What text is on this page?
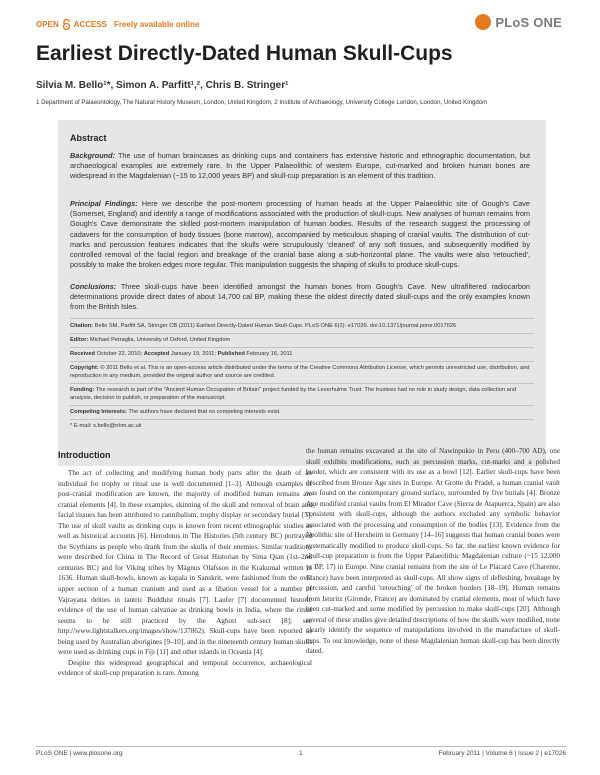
OPEN ACCESS Freely available online	PLoS ONE
Earliest Directly-Dated Human Skull-Cups
Silvia M. Bello¹*, Simon A. Parfitt¹,², Chris B. Stringer¹
1 Department of Palaeontology, The Natural History Museum, London, United Kingdom, 2 Institute of Archaeology, University College London, London, United Kingdom
Abstract

Background: The use of human braincases as drinking cups and containers has extensive historic and ethnographic documentation, but archaeological examples are extremely rare. In the Upper Palaeolithic of western Europe, cut-marked and broken human bones are widespread in the Magdalenian (~15 to 12,000 years BP) and skull-cup preparation is an element of this tradition.

Principal Findings: Here we describe the post-mortem processing of human heads at the Upper Palaeolithic site of Gough's Cave (Somerset, England) and identify a range of modifications associated with the production of skull-cups. New analyses of human remains from Gough's Cave demonstrate the skilled post-mortem manipulation of human bodies. Results of the research suggest the processing of cadavers for the consumption of body tissues (bone marrow), accompanied by meticulous shaping of cranial vaults. The distribution of cut-marks and percussion features indicates that the skulls were scrupulously 'cleaned' of any soft tissues, and subsequently modified by controlled removal of the facial region and breakage of the cranial base along a sub-horizontal plane. The vaults were also 'retouched', possibly to make the broken edges more regular. This manipulation suggests the shaping of skulls to produce skull-cups.

Conclusions: Three skull-cups have been identified amongst the human bones from Gough's Cave. New ultrafiltered radiocarbon determinations provide direct dates of about 14,700 cal BP, making these the oldest directly dated skull-cups and the only examples known from the British Isles.

Citation: Bello SM, Parfitt SA, Stringer CB (2011) Earliest Directly-Dated Human Skull-Cups. PLoS ONE 6(2): e17026. doi:10.1371/journal.pone.0017026

Editor: Michael Petraglia, University of Oxford, United Kingdom

Received October 22, 2010; Accepted January 19, 2011; Published February 16, 2011

Copyright: © 2011 Bello et al. This is an open-access article distributed under the terms of the Creative Commons Attribution License, which permits unrestricted use, distribution, and reproduction in any medium, provided the original author and source are credited.

Funding: The research is part of the "Ancient Human Occupation of Britain" project funded by the Leverhulme Trust. The trustees had no role in study design, data collection and analysis, decision to publish, or preparation of the manuscript.

Competing Interests: The authors have declared that no competing interests exist.

* E-mail: s.bello@nhm.ac.uk

Introduction

The act of collecting and modifying human body parts after the death of an individual for trophy or ritual use is well documented [1–3]. Although examples of post-cranial modification are known, the majority of modified human remains are cranial elements [4]. In these examples, skinning of the skull and removal of brain and facial tissues has been attributed to cannibalism, trophy display or secondary burial [5]. The use of skull vaults as drinking cups is known from recent ethnographic studies as well as historical accounts [6]. Herodotus in The Histories (5th century BC) portrayed the Scythians as people who drank from the skulls of their enemies. Similar traditions were described for China in The Record of Great Historian by Sima Qian (1st–2nd centuries BC) and for Viking tribes by Mágnus Olafsson in the Krakumal written in 1636. Human skull-bowls, known as kapala in Sanskrit, were fashioned from the oval upper section of a human cranium and used as a libation vessel for a number of Vajrayana deities in tantric Buddhist rituals [7]. Laufer [7] documented historic evidence of the use of human calvariae as drinking bowls in India, where the ritual seems to be still practiced by the Aghori sub-sect [8]; see http://www.lightstalkers.org/images/show/137862). Skull-cups have been reported as being used by Australian aborigines [9–10], and in the nineteenth century human skulls were used as drinking cups in Fiji [11] and other islands in Oceania [4].

Despite this widespread geographical and temporal occurrence, archaeological evidence of skull-cup preparation is rare. Among

the human remains excavated at the site of Nawinpukio in Peru (400–700 AD), one skull exhibits modifications, such as percussion marks, cut-marks and a polished border, which are consistent with its use as a bowl [12]. Earlier skull-cups have been described from Bronze Age sites in Europe. At Grotte du Pradel, a human cranial vault was found on the contemporary ground surface, surrounded by five burials [4]. Bronze Age modified cranial vaults from El Mirador Cave (Sierra de Atapuerca, Spain) are also consistent with skull-cups, although the authors excluded any symbolic behavior associated with the processing and consumption of the bodies [13]. Evidence from the Neolithic site of Herxheim in Germany [14–16] suggests that human cranial bones were systematically modified to produce skull-cups. So far, the earliest known evidence for skull-cup preparation is from the Upper Palaeolithic Magdalenian culture (~15 12,000 yr BP, 17) in Europe. Nine cranial remains from the site of Le Placard Cave (Charente, France) have been interpreted as skull-cups. All show signs of defleshing, breakage by percussion, and careful 'retouching' of the broken borders [18–19]. Human remains from Isturitz (Gironde, France) are dominated by cranial elements, most of which have been cut-marked and some modified by percussion to make skull-cups [20]. Although several of these studies give detailed descriptions of how the skulls were modified, none clearly identify the sequence of manipulations involved in the manufacture of skull-cups. To our knowledge, none of these Magdalenian human skull-cup has been directly dated.

PLoS ONE | www.plosone.org	1	February 2011 | Volume 6 | Issue 2 | e17026
